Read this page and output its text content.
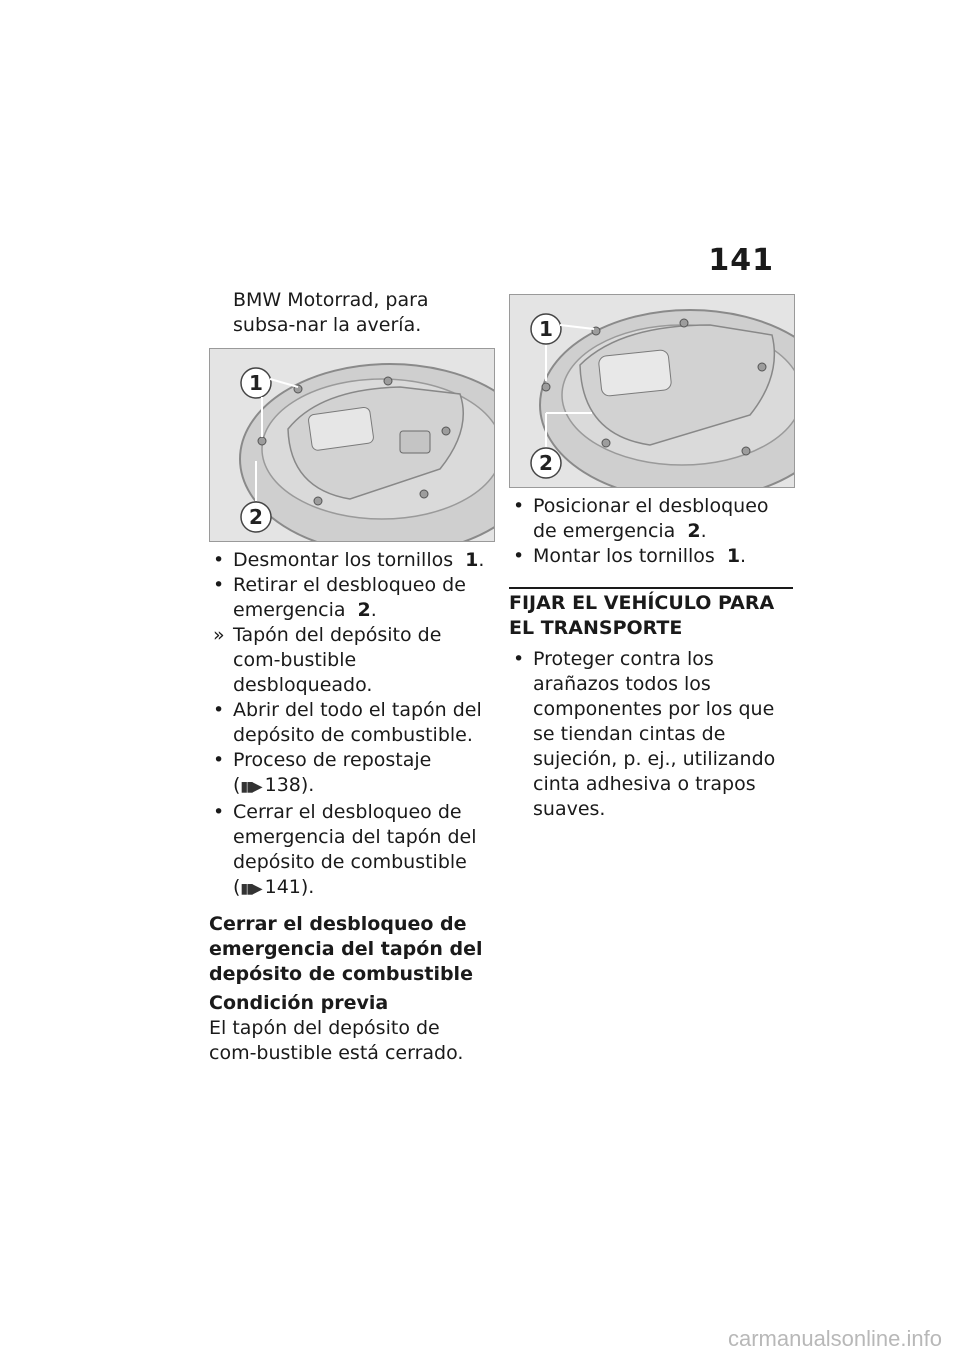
141

BMW Motorrad, para subsa-nar la avería.

1
2
• Desmontar los tornillos 1.
• Retirar el desbloqueo de emergencia 2.
» Tapón del depósito de com-bustible desbloqueado.
• Abrir del todo el tapón del depósito de combustible.
• Proceso de repostaje
(▮▮▶ 138).
• Cerrar el desbloqueo de emergencia del tapón del depósito de combustible
(▮▮▶ 141).

Cerrar el desbloqueo de emergencia del tapón del depósito de combustible

Condición previa

El tapón del depósito de com-bustible está cerrado.

1
2
• Posicionar el desbloqueo de emergencia 2.
• Montar los tornillos 1.
FIJAR EL VEHÍCULO PARA EL TRANSPORTE
• Proteger contra los arañazos todos los componentes por los que se tiendan cintas de sujeción, p. ej., utilizando cinta adhesiva o trapos suaves.
carmanualsonline.info
